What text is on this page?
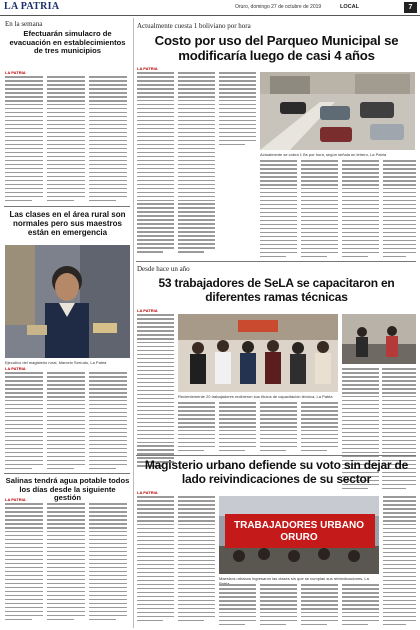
LA PATRIA	Oruro, domingo 27 de octubre de 2019	LOCAL	7
En la semana
Efectuarán simulacro de evacuación en establecimientos de tres municipios
LA PATRIA
Las clases en el área rural son normales pero sus maestros están en emergencia
Ejecutivo del magisterio rural, Marcelo Serrudo, La Patria
LA PATRIA
Salinas tendrá agua potable todos los días desde la siguiente gestión
LA PATRIA
Actualmente cuesta 1 boliviano por hora
Costo por uso del Parqueo Municipal se modificaría luego de casi 4 años
LA PATRIA
Actualmente se cobra 1 Bs por hora, según señala un letrero, La Patria
Desde hace un año
53 trabajadores de SeLA se capacitaron en diferentes ramas técnicas
LA PATRIA
Recientemente 20 trabajadores recibieron sus títulos de capacitación técnica, La Patria
Magisterio urbano defiende su voto sin dejar de lado reivindicaciones de su sector
LA PATRIA
TRABAJADORES URBANO ORURO
Maestros urbanos ingresaron las clases sin que se cumplan sus reivindicaciones, La
